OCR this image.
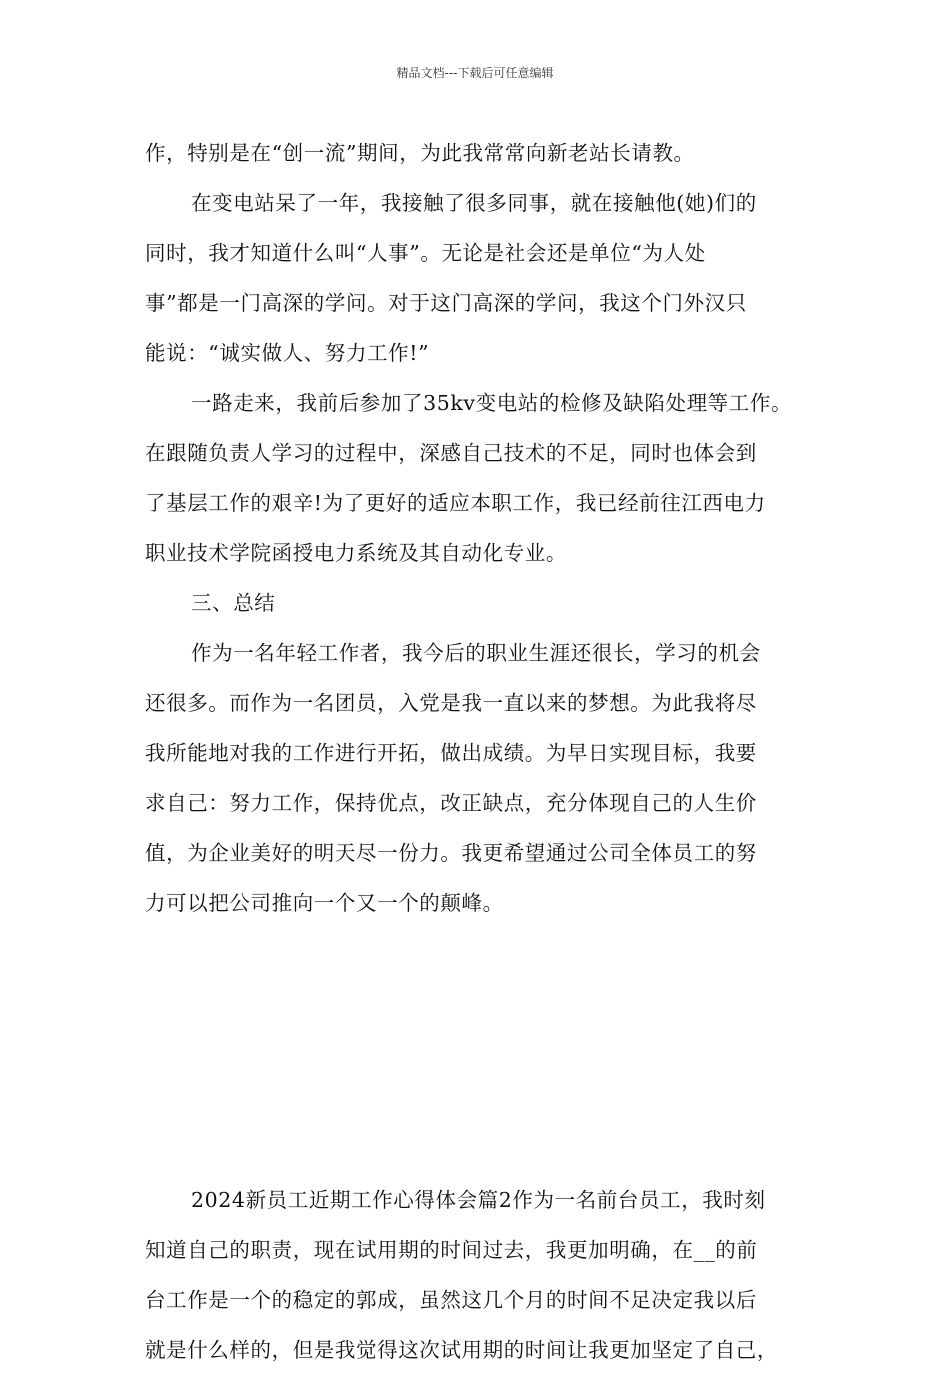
精品文档---下载后可任意编辑
作，特别是在“创一流”期间，为此我常常向新老站长请教。
在变电站呆了一年，我接触了很多同事，就在接触他(她)们的
同时，我才知道什么叫“人事”。无论是社会还是单位“为人处
事”都是一门高深的学问。对于这门高深的学问，我这个门外汉只
能说：“诚实做人、努力工作!”
一路走来，我前后参加了35kv变电站的检修及缺陷处理等工作。
在跟随负责人学习的过程中，深感自己技术的不足，同时也体会到
了基层工作的艰辛!为了更好的适应本职工作，我已经前往江西电力
职业技术学院函授电力系统及其自动化专业。
三、总结
作为一名年轻工作者，我今后的职业生涯还很长，学习的机会
还很多。而作为一名团员，入党是我一直以来的梦想。为此我将尽
我所能地对我的工作进行开拓，做出成绩。为早日实现目标，我要
求自己：努力工作，保持优点，改正缺点，充分体现自己的人生价
值，为企业美好的明天尽一份力。我更希望通过公司全体员工的努
力可以把公司推向一个又一个的颠峰。
2024新员工近期工作心得体会篇2作为一名前台员工，我时刻
知道自己的职责，现在试用期的时间过去，我更加明确，在__的前
台工作是一个的稳定的郭成，虽然这几个月的时间不足决定我以后
就是什么样的，但是我觉得这次试用期的时间让我更加坚定了自己，
